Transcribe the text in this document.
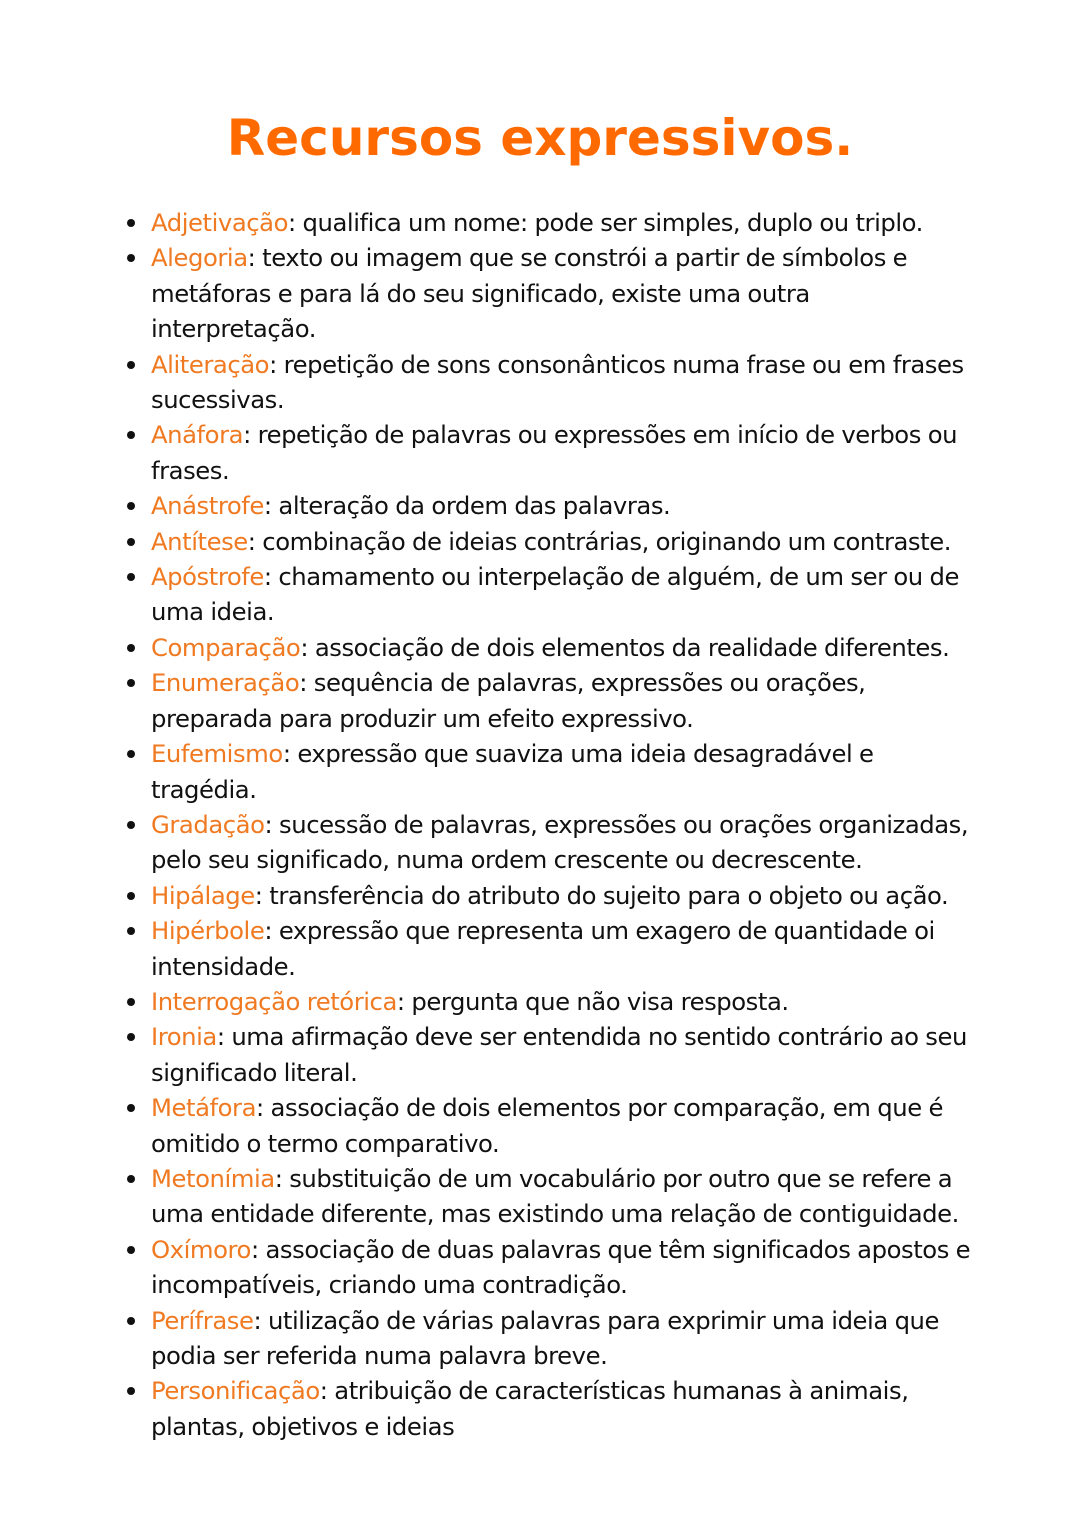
Recursos expressivos.
Adjetivação: qualifica um nome: pode ser simples, duplo ou triplo.
Alegoria: texto ou imagem que se constrói a partir de símbolos e metáforas e para lá do seu significado, existe uma outra interpretação.
Aliteração: repetição de sons consonânticos numa frase ou em frases sucessivas.
Anáfora: repetição de palavras ou expressões em início de verbos ou frases.
Anástrofe: alteração da ordem das palavras.
Antítese: combinação de ideias contrárias, originando um contraste.
Apóstrofe: chamamento ou interpelação de alguém, de um ser ou de uma ideia.
Comparação: associação de dois elementos da realidade diferentes.
Enumeração: sequência de palavras, expressões ou orações, preparada para produzir um efeito expressivo.
Eufemismo: expressão que suaviza uma ideia desagradável e tragédia.
Gradação: sucessão de palavras, expressões ou orações organizadas, pelo seu significado, numa ordem crescente ou decrescente.
Hipálage: transferência do atributo do sujeito para o objeto ou ação.
Hipérbole: expressão que representa um exagero de quantidade oi intensidade.
Interrogação retórica: pergunta que não visa resposta.
Ironia: uma afirmação deve ser entendida no sentido contrário ao seu significado literal.
Metáfora: associação de dois elementos por comparação, em que é omitido o termo comparativo.
Metonímia: substituição de um vocabulário por outro que se refere a uma entidade diferente, mas existindo uma relação de contiguidade.
Oxímoro: associação de duas palavras que têm significados apostos e incompatíveis, criando uma contradição.
Perífrase: utilização de várias palavras para exprimir uma ideia que podia ser referida numa palavra breve.
Personificação: atribuição de características humanas à animais, plantas, objetivos e ideias
